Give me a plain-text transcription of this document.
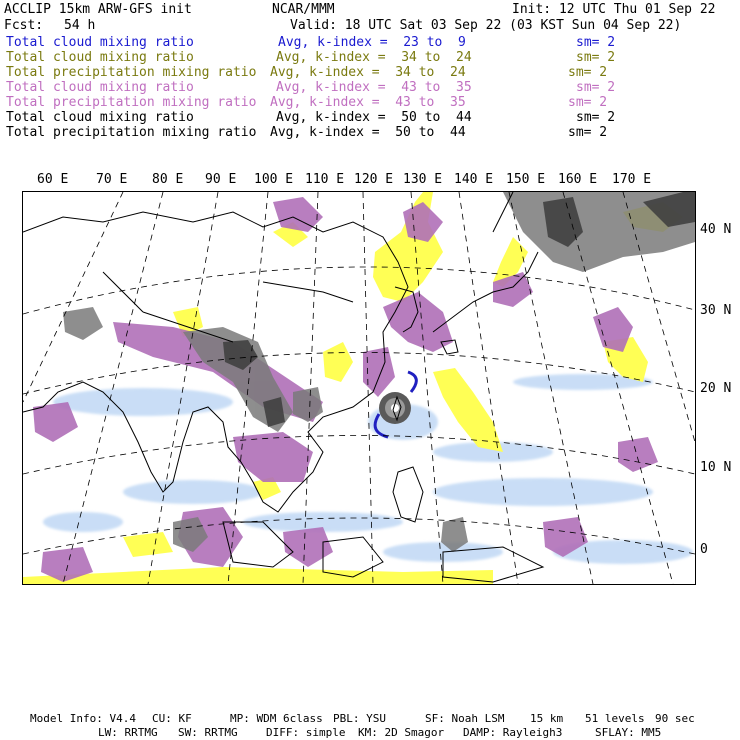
ACCLIP 15km ARW-GFS init	NCAR/MMM	Init: 12 UTC Thu 01 Sep 22
Fcst: 54 h	Valid: 18 UTC Sat 03 Sep 22 (03 KST Sun 04 Sep 22)
Total cloud mixing ratio	Avg, k-index =  23 to  9	sm= 2
Total cloud mixing ratio	Avg, k-index =  34 to  24	sm= 2
Total precipitation mixing ratio Avg, k-index =  34 to  24	sm= 2
Total cloud mixing ratio	Avg, k-index =  43 to  35	sm= 2
Total precipitation mixing ratio Avg, k-index =  43 to  35	sm= 2
Total cloud mixing ratio	Avg, k-index =  50 to  44	sm= 2
Total precipitation mixing ratio Avg, k-index =  50 to  44	sm= 2
60 E 70 E 80 E 90 E 100 E 110 E 120 E 130 E 140 E 150 E 160 E 170 E
40 N
30 N
20 N
10 N
0
Model Info: V4.4 CU: KF	MP: WDM 6class PBL: YSU	SF: Noah LSM 15 km 51 levels 90 sec
LW: RRTMG SW: RRTMG	DIFF: simple KM: 2D Smagor DAMP: Rayleigh3	SFLAY: MM5
